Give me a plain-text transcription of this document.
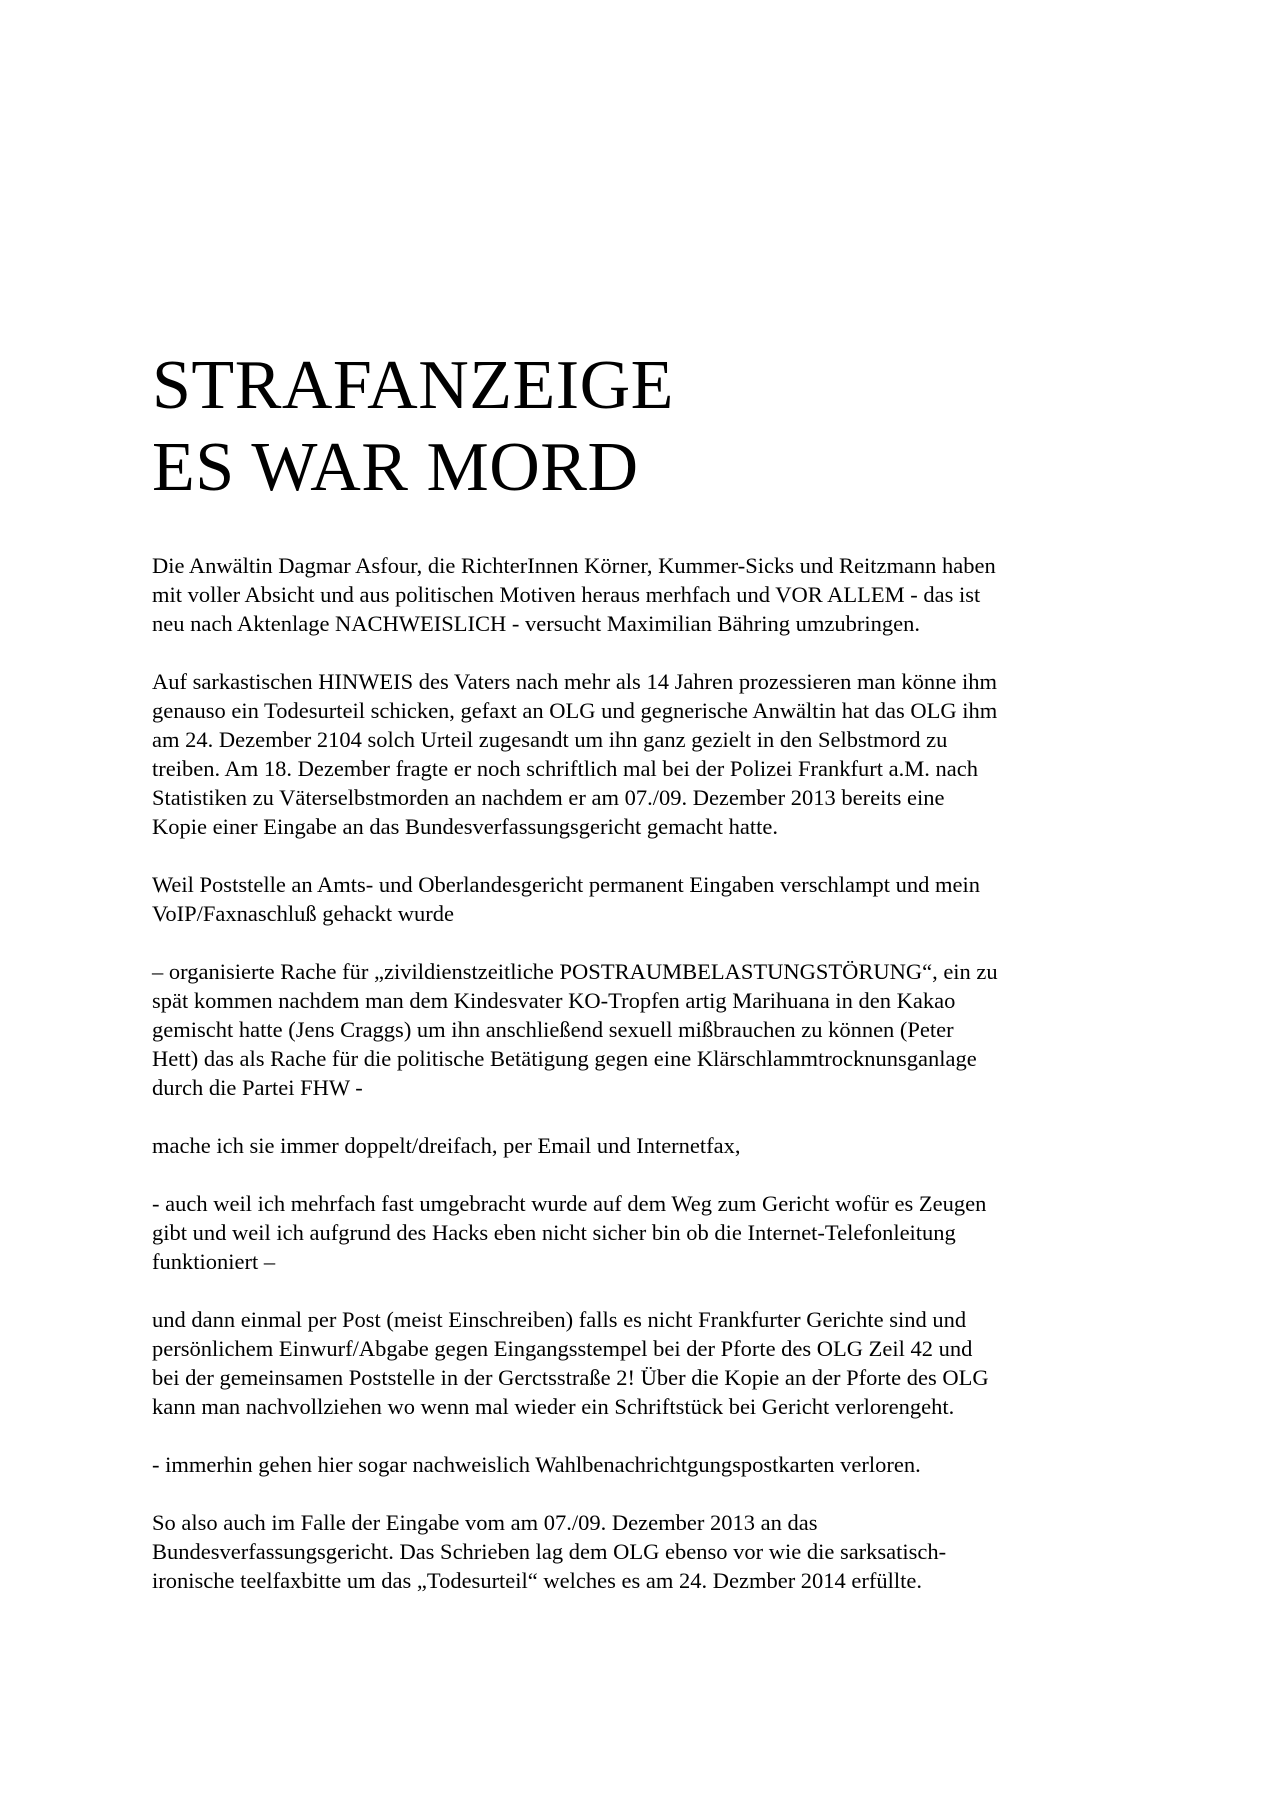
STRAFANZEIGE
ES WAR MORD

Die Anwältin Dagmar Asfour, die RichterInnen Körner, Kummer-Sicks und Reitzmann haben
mit voller Absicht und aus politischen Motiven heraus merhfach und VOR ALLEM - das ist
neu nach Aktenlage NACHWEISLICH - versucht Maximilian Bähring umzubringen.

Auf sarkastischen HINWEIS des Vaters nach mehr als 14 Jahren prozessieren man könne ihm
genauso ein Todesurteil schicken, gefaxt an OLG und gegnerische Anwältin hat das OLG ihm
am 24. Dezember 2104 solch Urteil zugesandt um ihn ganz gezielt in den Selbstmord zu
treiben. Am 18. Dezember fragte er noch schriftlich mal bei der Polizei Frankfurt a.M. nach
Statistiken zu Väterselbstmorden an nachdem er am 07./09. Dezember 2013 bereits eine
Kopie einer Eingabe an das Bundesverfassungsgericht gemacht hatte.

Weil Poststelle an Amts- und Oberlandesgericht permanent Eingaben verschlampt und mein
VoIP/Faxnaschluß gehackt wurde

– organisierte Rache für „zivildienstzeitliche POSTRAUMBELASTUNGSTÖRUNG“, ein zu
spät kommen nachdem man dem Kindesvater KO-Tropfen artig Marihuana in den Kakao
gemischt hatte (Jens Craggs) um ihn anschließend sexuell mißbrauchen zu können (Peter
Hett) das als Rache für die politische Betätigung gegen eine Klärschlammtrocknunsganlage
durch die Partei FHW -

mache ich sie immer doppelt/dreifach, per Email und Internetfax,

- auch weil ich mehrfach fast umgebracht wurde auf dem Weg zum Gericht wofür es Zeugen
gibt und weil ich aufgrund des Hacks eben nicht sicher bin ob die Internet-Telefonleitung
funktioniert –

und dann einmal per Post (meist Einschreiben) falls es nicht Frankfurter Gerichte sind und
persönlichem Einwurf/Abgabe gegen Eingangsstempel bei der Pforte des OLG Zeil 42 und
bei der gemeinsamen Poststelle in der Gerctsstraße 2! Über die Kopie an der Pforte des OLG
kann man nachvollziehen wo wenn mal wieder ein Schriftstück bei Gericht verlorengeht.

- immerhin gehen hier sogar nachweislich Wahlbenachrichtgungspostkarten verloren.

So also auch im Falle der Eingabe vom am 07./09. Dezember 2013 an das
Bundesverfassungsgericht. Das Schrieben lag dem OLG ebenso vor wie die sarksatisch-
ironische teelfaxbitte um das „Todesurteil“ welches es am 24. Dezmber 2014 erfüllte.
